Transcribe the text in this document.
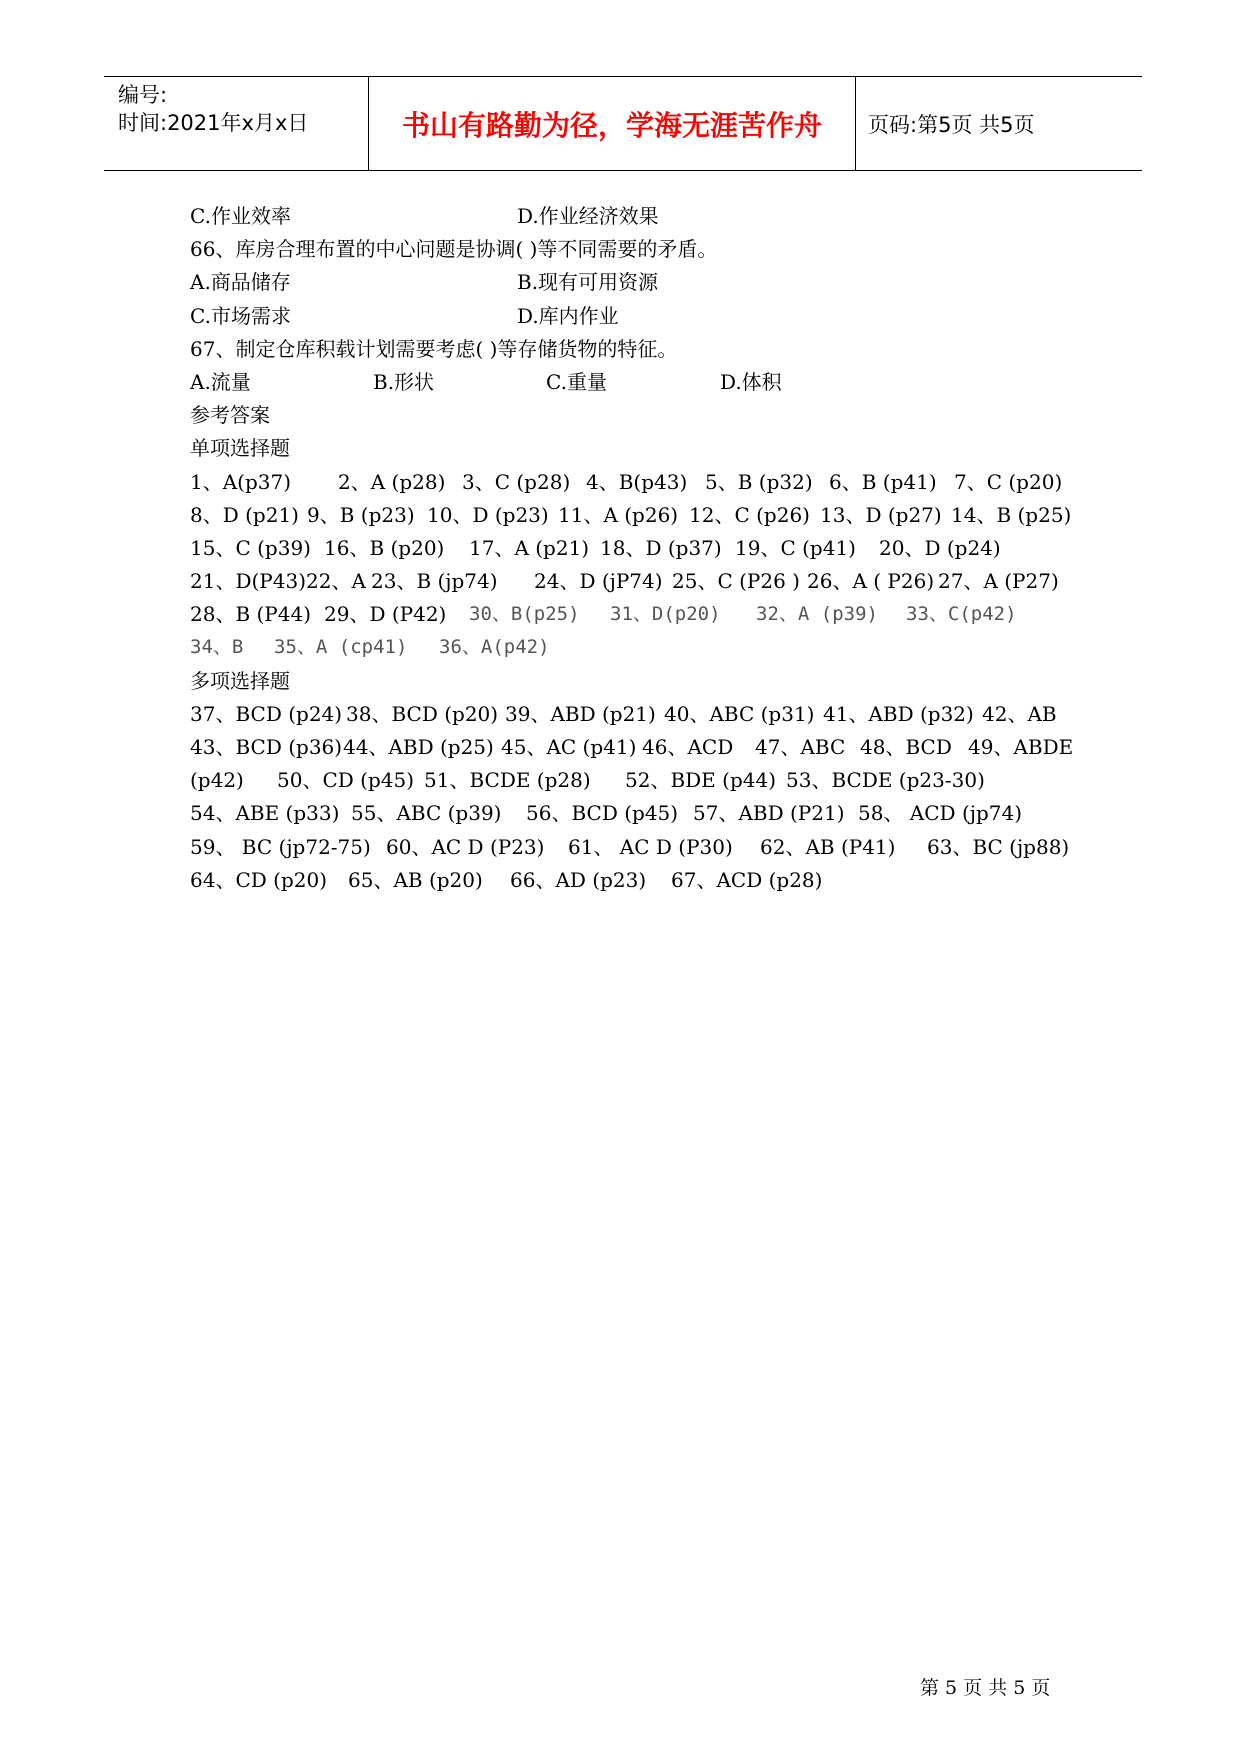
编号:
时间:2021年x月x日	书山有路勤为径，学海无涯苦作舟	页码:第5页 共5页
C.作业效率	D.作业经济效果
66、库房合理布置的中心问题是协调( )等不同需要的矛盾。
A.商品储存	B.现有可用资源
C.市场需求	D.库内作业
67、制定仓库积载计划需要考虑( )等存储货物的特征。
A.流量	B.形状	C.重量	D.体积
参考答案
单项选择题
1、A(p37) 2、A (p28) 3、C (p28) 4、B(p43) 5、B (p32) 6、B (p41) 7、C (p20)
8、D (p21) 9、B (p23) 10、D (p23) 11、A (p26) 12、C (p26) 13、D (p27) 14、B (p25)
15、C (p39) 16、B (p20) 17、A (p21) 18、D (p37) 19、C (p41) 20、D (p24)
21、D(P43)22、A 23、B (jp74) 24、D (jP74) 25、C (P26 ) 26、A ( P26) 27、A (P27)
28、B (P44) 29、D (P42) 30、B(p25) 31、D(p20) 32、A (p39) 33、C(p42)
34、B 35、A (cp41) 36、A(p42)
多项选择题
37、BCD (p24) 38、BCD (p20) 39、ABD (p21) 40、ABC (p31) 41、ABD (p32) 42、AB
43、BCD (p36) 44、ABD (p25) 45、AC (p41) 46、ACD 47、ABC 48、BCD 49、ABDE
(p42) 50、CD (p45) 51、BCDE (p28) 52、BDE (p44) 53、BCDE (p23-30)
54、ABE (p33) 55、ABC (p39) 56、BCD (p45) 57、ABD (P21) 58、 ACD (jp74)
59、 BC (jp72-75) 60、AC D (P23) 61、 AC D (P30) 62、AB (P41) 63、BC (jp88)
64、CD (p20) 65、AB (p20) 66、AD (p23) 67、ACD (p28)
第 5 页 共 5 页
